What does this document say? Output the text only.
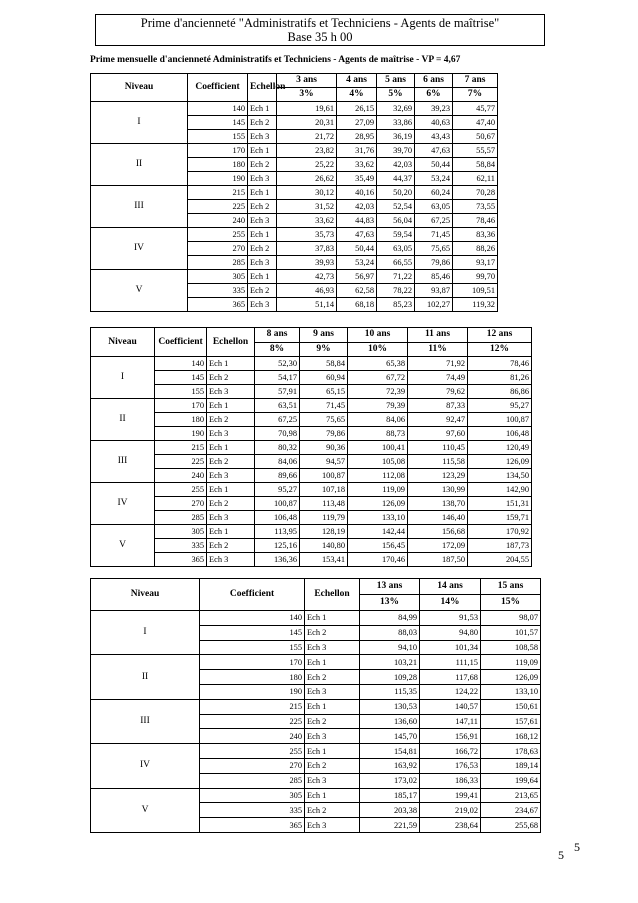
Prime d'ancienneté "Administratifs et Techniciens - Agents de maîtrise"
Base 35 h 00
Prime mensuelle d'ancienneté Administratifs et Techniciens - Agents de maîtrise - VP = 4,67
Niveau	Coefficient	Echellon	3 ans	4 ans	5 ans	6 ans	7 ans
			3%	4%	5%	6%	7%
I	140	Ech 1	19,61	26,15	32,69	39,23	45,77
	145	Ech 2	20,31	27,09	33,86	40,63	47,40
	155	Ech 3	21,72	28,95	36,19	43,43	50,67
II	170	Ech 1	23,82	31,76	39,70	47,63	55,57
	180	Ech 2	25,22	33,62	42,03	50,44	58,84
	190	Ech 3	26,62	35,49	44,37	53,24	62,11
III	215	Ech 1	30,12	40,16	50,20	60,24	70,28
	225	Ech 2	31,52	42,03	52,54	63,05	73,55
	240	Ech 3	33,62	44,83	56,04	67,25	78,46
IV	255	Ech 1	35,73	47,63	59,54	71,45	83,36
	270	Ech 2	37,83	50,44	63,05	75,65	88,26
	285	Ech 3	39,93	53,24	66,55	79,86	93,17
V	305	Ech 1	42,73	56,97	71,22	85,46	99,70
	335	Ech 2	46,93	62,58	78,22	93,87	109,51
	365	Ech 3	51,14	68,18	85,23	102,27	119,32
Niveau	Coefficient	Echellon	8 ans	9 ans	10 ans	11 ans	12 ans
			8%	9%	10%	11%	12%
I	140	Ech 1	52,30	58,84	65,38	71,92	78,46
	145	Ech 2	54,17	60,94	67,72	74,49	81,26
	155	Ech 3	57,91	65,15	72,39	79,62	86,86
II	170	Ech 1	63,51	71,45	79,39	87,33	95,27
	180	Ech 2	67,25	75,65	84,06	92,47	100,87
	190	Ech 3	70,98	79,86	88,73	97,60	106,48
III	215	Ech 1	80,32	90,36	100,41	110,45	120,49
	225	Ech 2	84,06	94,57	105,08	115,58	126,09
	240	Ech 3	89,66	100,87	112,08	123,29	134,50
IV	255	Ech 1	95,27	107,18	119,09	130,99	142,90
	270	Ech 2	100,87	113,48	126,09	138,70	151,31
	285	Ech 3	106,48	119,79	133,10	146,40	159,71
V	305	Ech 1	113,95	128,19	142,44	156,68	170,92
	335	Ech 2	125,16	140,80	156,45	172,09	187,73
	365	Ech 3	136,36	153,41	170,46	187,50	204,55
Niveau	Coefficient	Echellon	13 ans	14 ans	15 ans
			13%	14%	15%
I	140	Ech 1	84,99	91,53	98,07
	145	Ech 2	88,03	94,80	101,57
	155	Ech 3	94,10	101,34	108,58
II	170	Ech 1	103,21	111,15	119,09
	180	Ech 2	109,28	117,68	126,09
	190	Ech 3	115,35	124,22	133,10
III	215	Ech 1	130,53	140,57	150,61
	225	Ech 2	136,60	147,11	157,61
	240	Ech 3	145,70	156,91	168,12
IV	255	Ech 1	154,81	166,72	178,63
	270	Ech 2	163,92	176,53	189,14
	285	Ech 3	173,02	186,33	199,64
V	305	Ech 1	185,17	199,41	213,65
	335	Ech 2	203,38	219,02	234,67
	365	Ech 3	221,59	238,64	255,68
5
5
